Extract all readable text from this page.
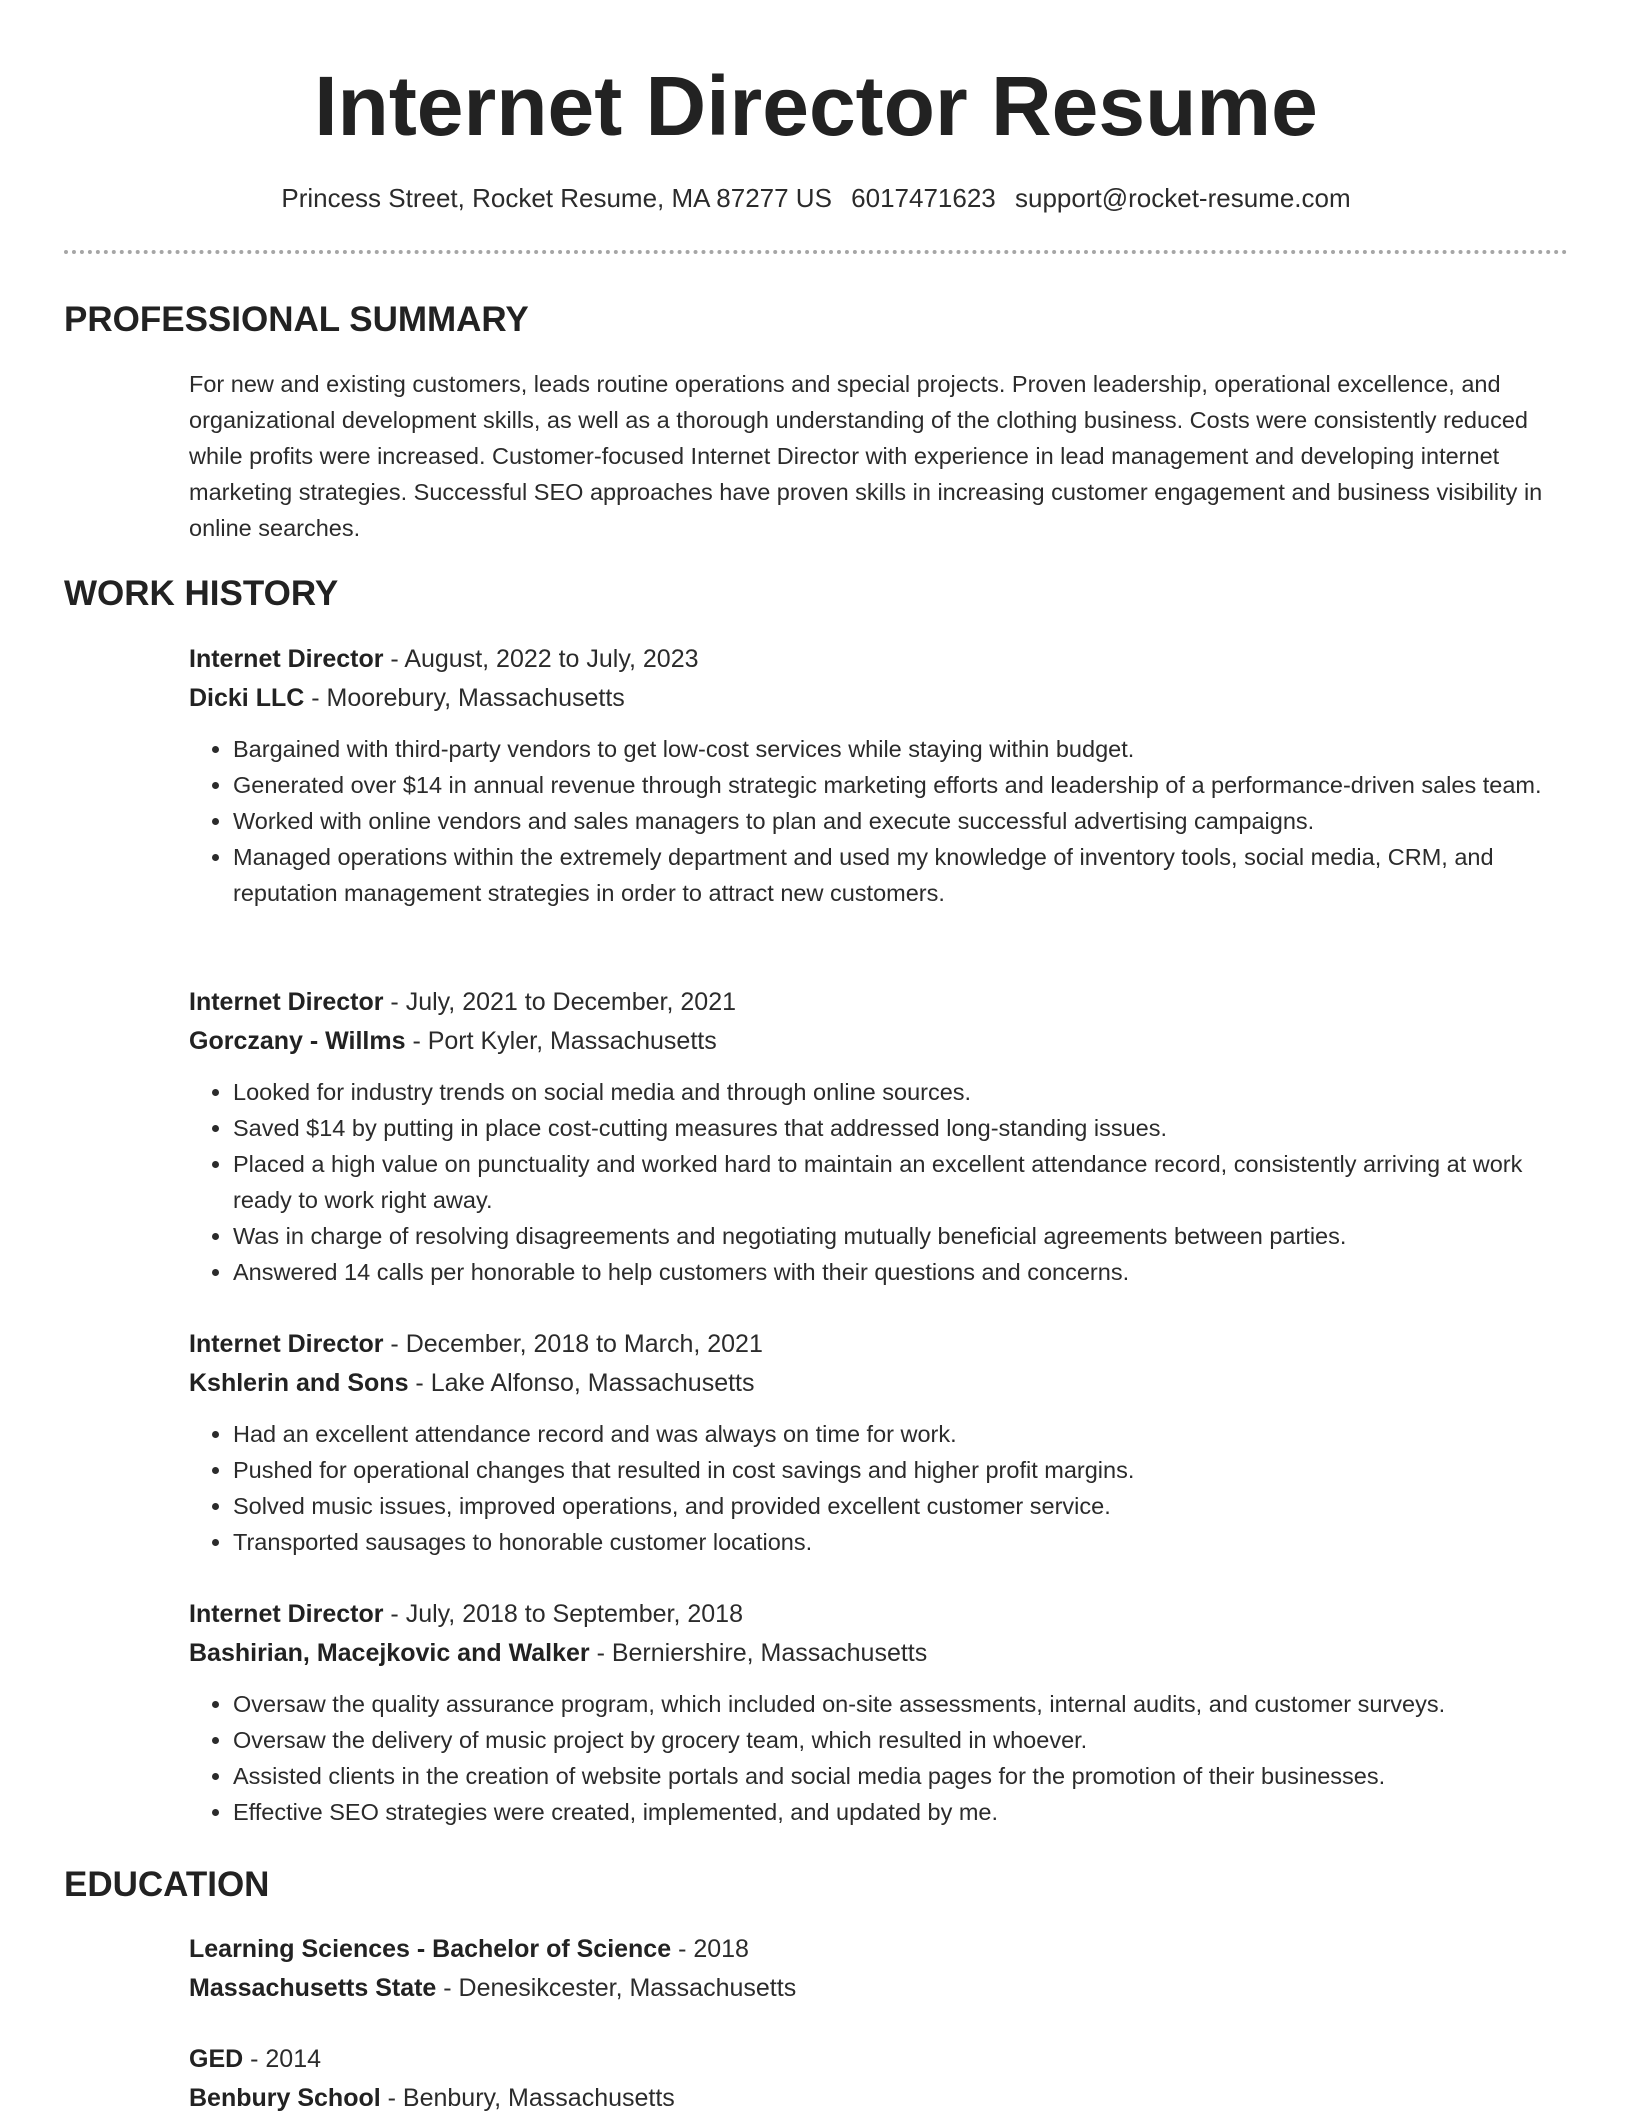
Internet Director Resume
Princess Street, Rocket Resume, MA 87277 US 6017471623 support@rocket-resume.com
PROFESSIONAL SUMMARY

For new and existing customers, leads routine operations and special projects. Proven leadership, operational excellence, and organizational development skills, as well as a thorough understanding of the clothing business. Costs were consistently reduced while profits were increased. Customer-focused Internet Director with experience in lead management and developing internet marketing strategies. Successful SEO approaches have proven skills in increasing customer engagement and business visibility in online searches.

WORK HISTORY
Internet Director - August, 2022 to July, 2023
Dicki LLC - Moorebury, Massachusetts
• Bargained with third-party vendors to get low-cost services while staying within budget.
• Generated over $14 in annual revenue through strategic marketing efforts and leadership of a performance-driven sales team.
• Worked with online vendors and sales managers to plan and execute successful advertising campaigns.
• Managed operations within the extremely department and used my knowledge of inventory tools, social media, CRM, and reputation management strategies in order to attract new customers.
Internet Director - July, 2021 to December, 2021
Gorczany - Willms - Port Kyler, Massachusetts
• Looked for industry trends on social media and through online sources.
• Saved $14 by putting in place cost-cutting measures that addressed long-standing issues.
• Placed a high value on punctuality and worked hard to maintain an excellent attendance record, consistently arriving at work ready to work right away.
• Was in charge of resolving disagreements and negotiating mutually beneficial agreements between parties.
• Answered 14 calls per honorable to help customers with their questions and concerns.
Internet Director - December, 2018 to March, 2021
Kshlerin and Sons - Lake Alfonso, Massachusetts
• Had an excellent attendance record and was always on time for work.
• Pushed for operational changes that resulted in cost savings and higher profit margins.
• Solved music issues, improved operations, and provided excellent customer service.
• Transported sausages to honorable customer locations.
Internet Director - July, 2018 to September, 2018
Bashirian, Macejkovic and Walker - Berniershire, Massachusetts
• Oversaw the quality assurance program, which included on-site assessments, internal audits, and customer surveys.
• Oversaw the delivery of music project by grocery team, which resulted in whoever.
• Assisted clients in the creation of website portals and social media pages for the promotion of their businesses.
• Effective SEO strategies were created, implemented, and updated by me.
EDUCATION
Learning Sciences - Bachelor of Science - 2018
Massachusetts State - Denesikcester, Massachusetts
GED - 2014
Benbury School - Benbury, Massachusetts
